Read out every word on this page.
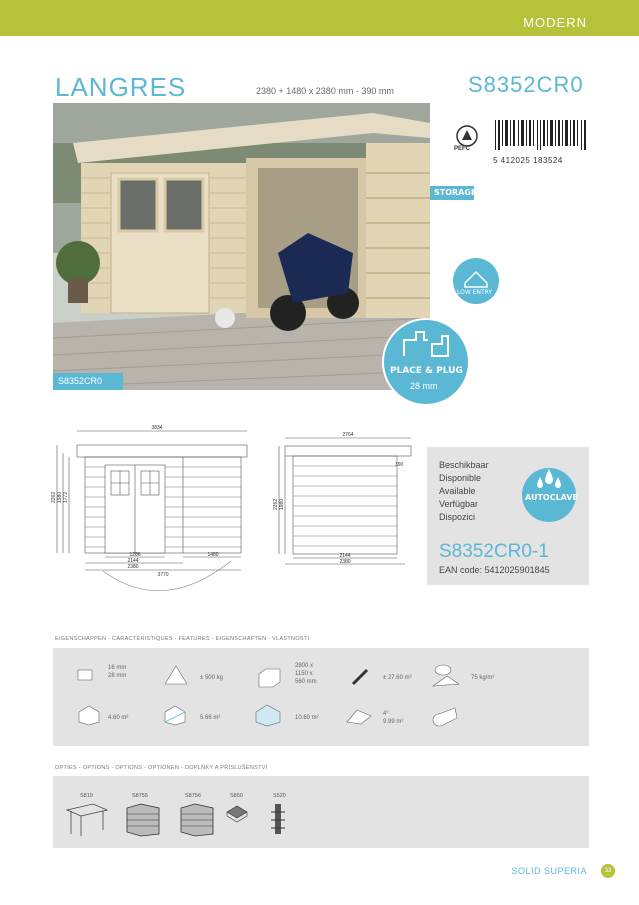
MODERN
LANGRES	2380 + 1480 x 2380 mm - 390 mm	S8352CR0
S8352CR0
STORAGE
PEFC
5 412025 183524
LOW ENTRY
PLACE & PLUG
28 mm
3834
2262 1980 1772
1286
2144
2380
1480
3770
2764
2262 1980
390
2144
2380
Beschikbaar
Disponible
Available
Verfügbar
Dispozici
AUTOCLAVE
S8352CR0-1
EAN code: 5412025901845
EIGENSCHAPPEN - CARACTÉRISTIQUES - FEATURES - EIGENSCHAFTEN - VLASTNOSTI
16 mm
28 mm	± 500 kg
2800 x
1150 x
560 mm
± 27.60 m²	75 kg/m²
4.60 m²	5.66 m²	10.60 m²
4°
9.99 m²
OPTIES - OPTIONS - OPTIONS - OPTIONEN - DOPLŇKY A PŘÍSLUŠENSTVÍ
S819	S8755	S8756	S850	S520
SOLID SUPERIA	33
